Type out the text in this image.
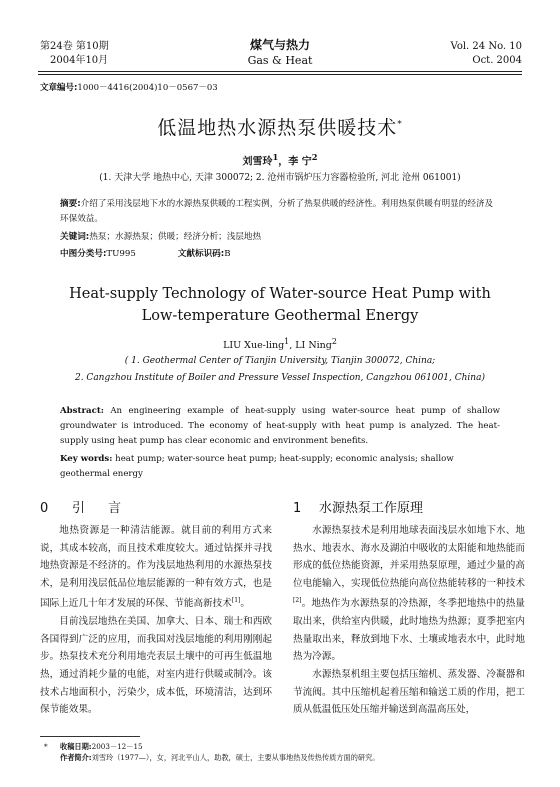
第24卷 第10期
2004年10月
煤气与热力
Gas & Heat
Vol. 24 No. 10
Oct. 2004
文章编号:1000－4416(2004)10－0567－03
低温地热水源热泵供暖技术*
刘雪玲$^1$，李 宁$^2$
(1. 天津大学 地热中心, 天津 300072; 2. 沧州市锅炉压力容器检验所, 河北 沧州 061001)
摘要:介绍了采用浅层地下水的水源热泵供暖的工程实例，分析了热泵供暖的经济性。利用热泵供暖有明显的经济及环保效益。
关键词:热泵；水源热泵；供暖；经济分析；浅层地热
中图分类号:TU995	文献标识码:B
Heat-supply Technology of Water-source Heat Pump with
Low-temperature Geothermal Energy
LIU Xue-ling$^1$, LI Ning$^2$
( 1. Geothermal Center of Tianjin University, Tianjin 300072, China;
2. Cangzhou Institute of Boiler and Pressure Vessel Inspection, Cangzhou 061001, China)
Abstract: An engineering example of heat-supply using water-source heat pump of shallow groundwater is introduced. The economy of heat-supply with heat pump is analyzed. The heat-supply using heat pump has clear economic and environment benefits.
Key words: heat pump; water-source heat pump; heat-supply; economic analysis; shallow geothermal energy
0 引 言	1 水源热泵工作原理

地热资源是一种清洁能源。就目前的利用方式来说，其成本较高，而且技术难度较大。通过钻探并寻找地热资源是不经济的。作为浅层地热利用的水源热泵技术，是利用浅层低品位地层能源的一种有效方式，也是国际上近几十年才发展的环保、节能高新技术[1]。

目前浅层地热在美国、加拿大、日本、瑞士和西欧各国得到广泛的应用，而我国对浅层地能的利用刚刚起步。热泵技术充分利用地壳表层土壤中的可再生低温地热，通过消耗少量的电能，对室内进行供暖或制冷。该技术占地面积小，污染少，成本低，环境清洁，达到环保节能效果。

水源热泵技术是利用地球表面浅层水如地下水、地热水、地表水、海水及湖泊中吸收的太阳能和地热能而形成的低位热能资源，并采用热泵原理，通过少量的高位电能输入，实现低位热能向高位热能转移的一种技术[2]。地热作为水源热泵的冷热源，冬季把地热中的热量取出来，供给室内供暖，此时地热为热源；夏季把室内热量取出来，释放到地下水、土壤或地表水中，此时地热为冷源。

水源热泵机组主要包括压缩机、蒸发器、冷凝器和节流阀。其中压缩机起着压缩和输送工质的作用，把工质从低温低压处压缩并输送到高温高压处，

* 收稿日期:2003－12－15
作者简介:刘雪玲（1977—），女，河北平山人，助教，硕士，主要从事地热及传热传质方面的研究。
